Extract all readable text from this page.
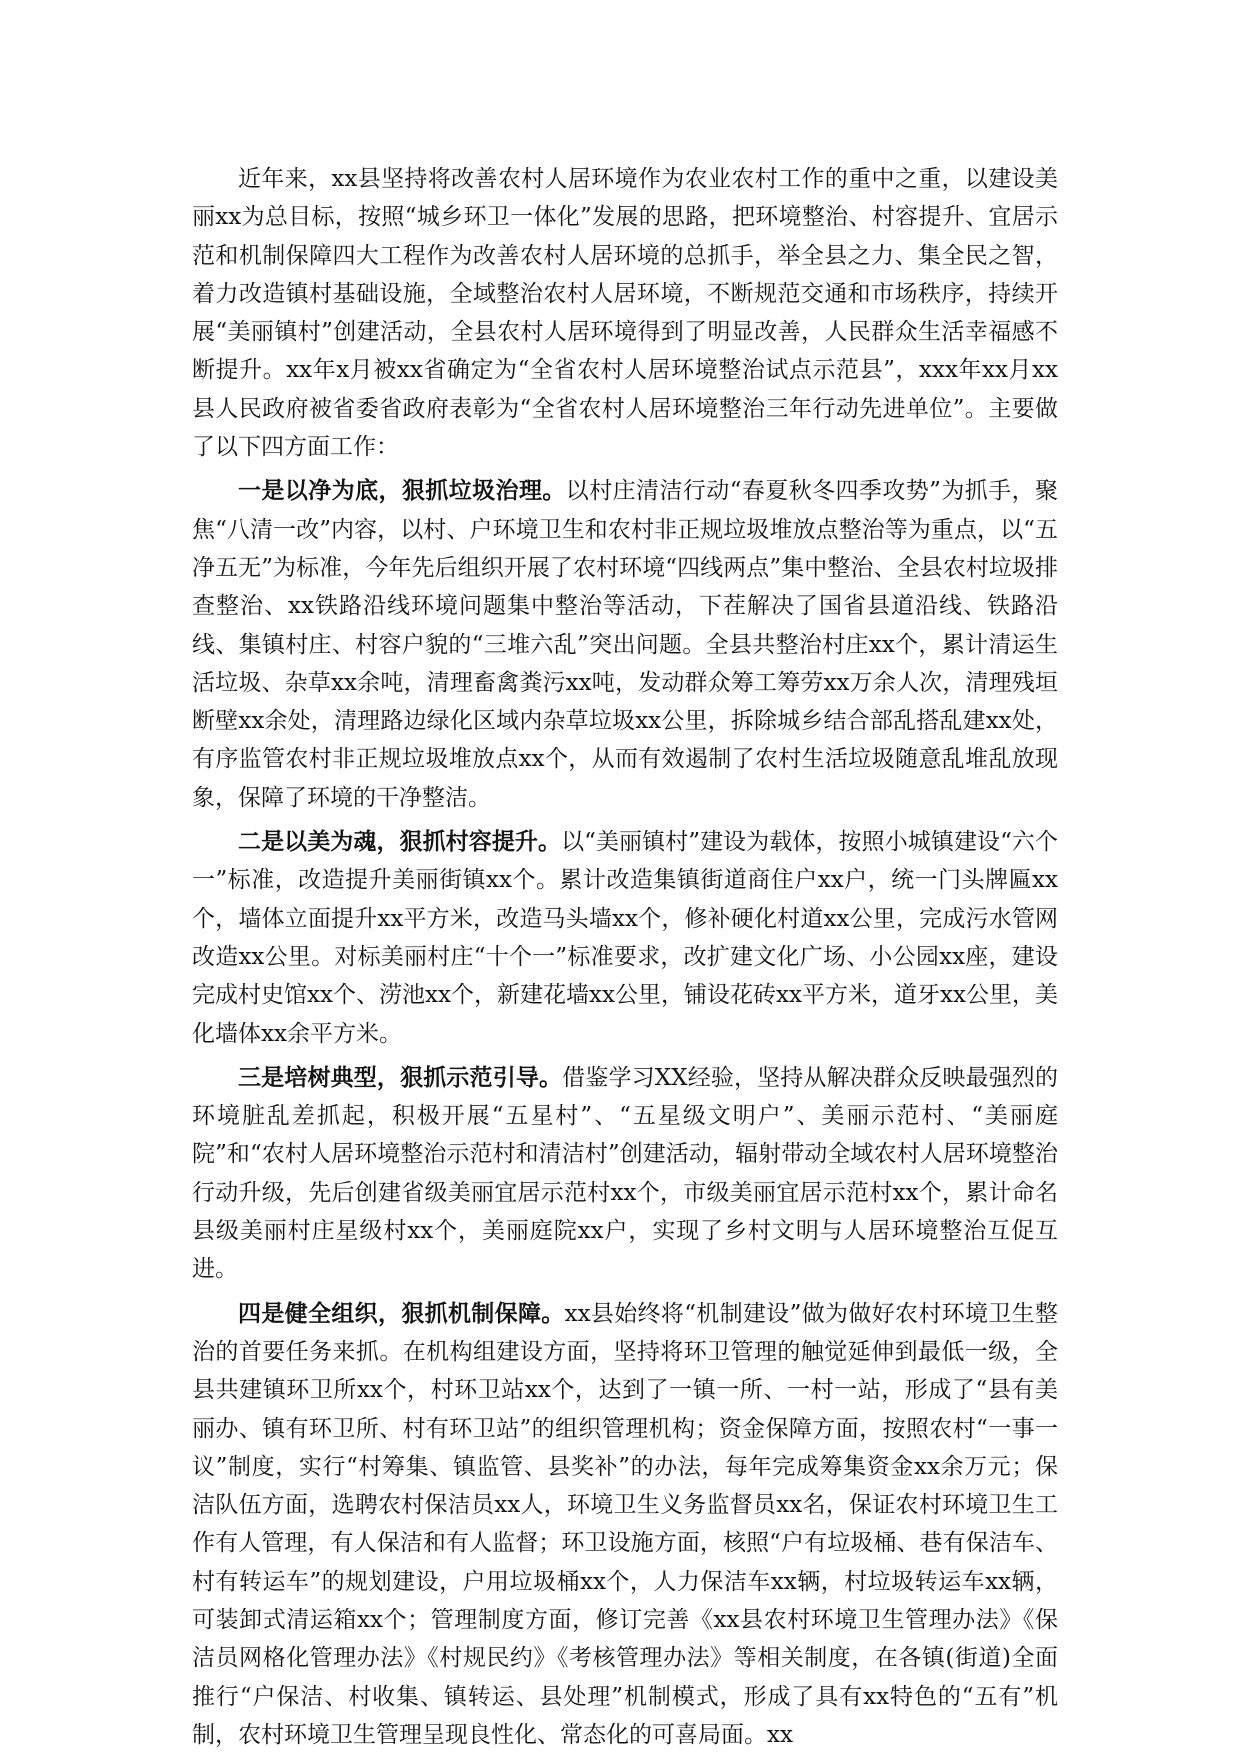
近年来，xx县坚持将改善农村人居环境作为农业农村工作的重中之重，以建设美丽xx为总目标，按照“城乡环卫一体化”发展的思路，把环境整治、村容提升、宜居示范和机制保障四大工程作为改善农村人居环境的总抓手，举全县之力、集全民之智，着力改造镇村基础设施，全域整治农村人居环境，不断规范交通和市场秩序，持续开展“美丽镇村”创建活动，全县农村人居环境得到了明显改善，人民群众生活幸福感不断提升。xx年x月被xx省确定为“全省农村人居环境整治试点示范县”，xxx年xx月xx县人民政府被省委省政府表彰为“全省农村人居环境整治三年行动先进单位”。主要做了以下四方面工作：

一是以净为底，狠抓垃圾治理。以村庄清洁行动“春夏秋冬四季攻势”为抓手，聚焦“八清一改”内容，以村、户环境卫生和农村非正规垃圾堆放点整治等为重点，以“五净五无”为标准，今年先后组织开展了农村环境“四线两点”集中整治、全县农村垃圾排查整治、xx铁路沿线环境问题集中整治等活动，下茬解决了国省县道沿线、铁路沿线、集镇村庄、村容户貌的“三堆六乱”突出问题。全县共整治村庄xx个，累计清运生活垃圾、杂草xx余吨，清理畜禽粪污xx吨，发动群众筹工筹劳xx万余人次，清理残垣断壁xx余处，清理路边绿化区域内杂草垃圾xx公里，拆除城乡结合部乱搭乱建xx处，有序监管农村非正规垃圾堆放点xx个，从而有效遏制了农村生活垃圾随意乱堆乱放现象，保障了环境的干净整洁。

二是以美为魂，狠抓村容提升。以“美丽镇村”建设为载体，按照小城镇建设“六个一”标准，改造提升美丽街镇xx个。累计改造集镇街道商住户xx户，统一门头牌匾xx个，墙体立面提升xx平方米，改造马头墙xx个，修补硬化村道xx公里，完成污水管网改造xx公里。对标美丽村庄“十个一”标准要求，改扩建文化广场、小公园xx座，建设完成村史馆xx个、涝池xx个，新建花墙xx公里，铺设花砖xx平方米，道牙xx公里，美化墙体xx余平方米。

三是培树典型，狠抓示范引导。借鉴学习XX经验，坚持从解决群众反映最强烈的环境脏乱差抓起，积极开展“五星村”、“五星级文明户”、美丽示范村、“美丽庭院”和“农村人居环境整治示范村和清洁村”创建活动，辐射带动全域农村人居环境整治行动升级，先后创建省级美丽宜居示范村xx个，市级美丽宜居示范村xx个，累计命名县级美丽村庄星级村xx个，美丽庭院xx户，实现了乡村文明与人居环境整治互促互进。

四是健全组织，狠抓机制保障。xx县始终将“机制建设”做为做好农村环境卫生整治的首要任务来抓。在机构组建设方面，坚持将环卫管理的触觉延伸到最低一级，全县共建镇环卫所xx个，村环卫站xx个，达到了一镇一所、一村一站，形成了“县有美丽办、镇有环卫所、村有环卫站”的组织管理机构；资金保障方面，按照农村“一事一议”制度，实行“村筹集、镇监管、县奖补”的办法，每年完成筹集资金xx余万元；保洁队伍方面，选聘农村保洁员xx人，环境卫生义务监督员xx名，保证农村环境卫生工作有人管理，有人保洁和有人监督；环卫设施方面，核照“户有垃圾桶、巷有保洁车、村有转运车”的规划建设，户用垃圾桶xx个，人力保洁车xx辆，村垃圾转运车xx辆，可装卸式清运箱xx个；管理制度方面，修订完善《xx县农村环境卫生管理办法》《保洁员网格化管理办法》《村规民约》《考核管理办法》等相关制度，在各镇(街道)全面推行“户保洁、村收集、镇转运、县处理”机制模式，形成了具有xx特色的“五有”机制，农村环境卫生管理呈现良性化、常态化的可喜局面。xx
